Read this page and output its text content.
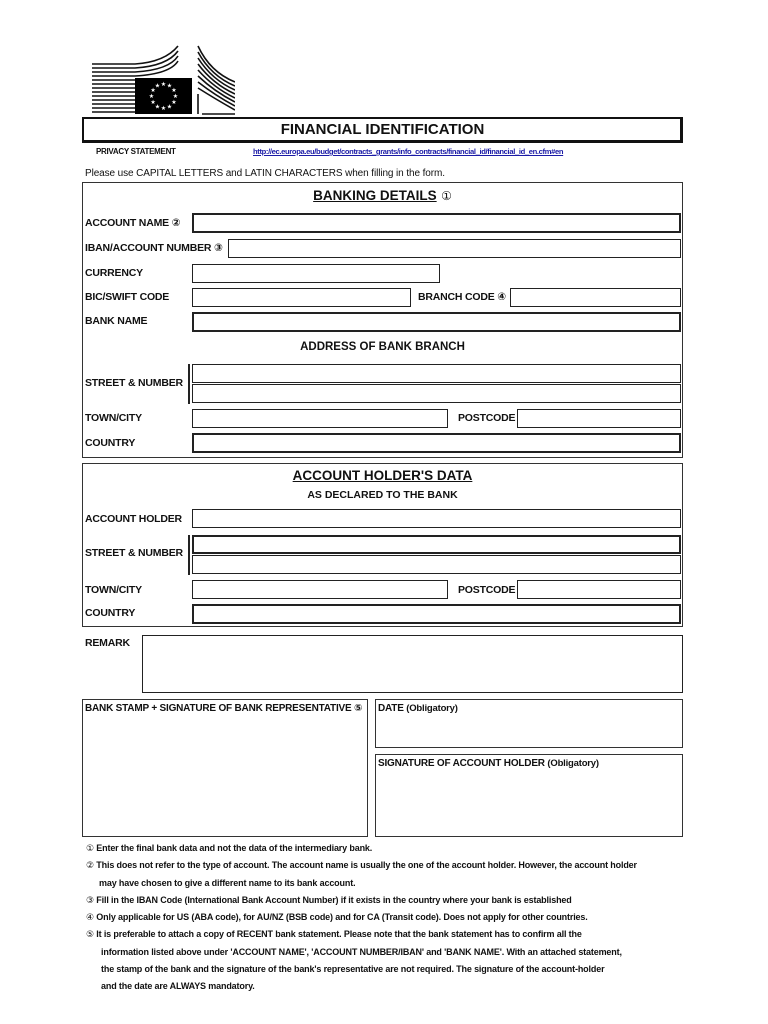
★ ★
★
★
★
★
★
★
★
★
★
★
FINANCIAL IDENTIFICATION
PRIVACY STATEMENT	http://ec.europa.eu/budget/contracts_grants/info_contracts/financial_id/financial_id_en.cfm#en
Please use CAPITAL LETTERS and LATIN CHARACTERS when filling in the form.
BANKING DETAILS ①
ACCOUNT NAME ②
IBAN/ACCOUNT NUMBER ③
CURRENCY
BIC/SWIFT CODE	BRANCH CODE ④
BANK NAME
ADDRESS OF BANK BRANCH
STREET & NUMBER
TOWN/CITY	POSTCODE
COUNTRY
ACCOUNT HOLDER'S DATA
AS DECLARED TO THE BANK
ACCOUNT HOLDER
STREET & NUMBER
TOWN/CITY	POSTCODE
COUNTRY
REMARK
BANK STAMP + SIGNATURE OF BANK REPRESENTATIVE ⑤ DATE (Obligatory)
SIGNATURE OF ACCOUNT HOLDER (Obligatory)
① Enter the final bank data and not the data of the intermediary bank.
② This does not refer to the type of account. The account name is usually the one of the account holder. However, the account holder
may have chosen to give a different name to its bank account.
③ Fill in the IBAN Code (International Bank Account Number) if it exists in the country where your bank is established
④ Only applicable for US (ABA code), for AU/NZ (BSB code) and for CA (Transit code). Does not apply for other countries.
⑤ It is preferable to attach a copy of RECENT bank statement. Please note that the bank statement has to confirm all the
information listed above under 'ACCOUNT NAME', 'ACCOUNT NUMBER/IBAN' and 'BANK NAME'. With an attached statement,
the stamp of the bank and the signature of the bank's representative are not required. The signature of the account-holder
and the date are ALWAYS mandatory.
